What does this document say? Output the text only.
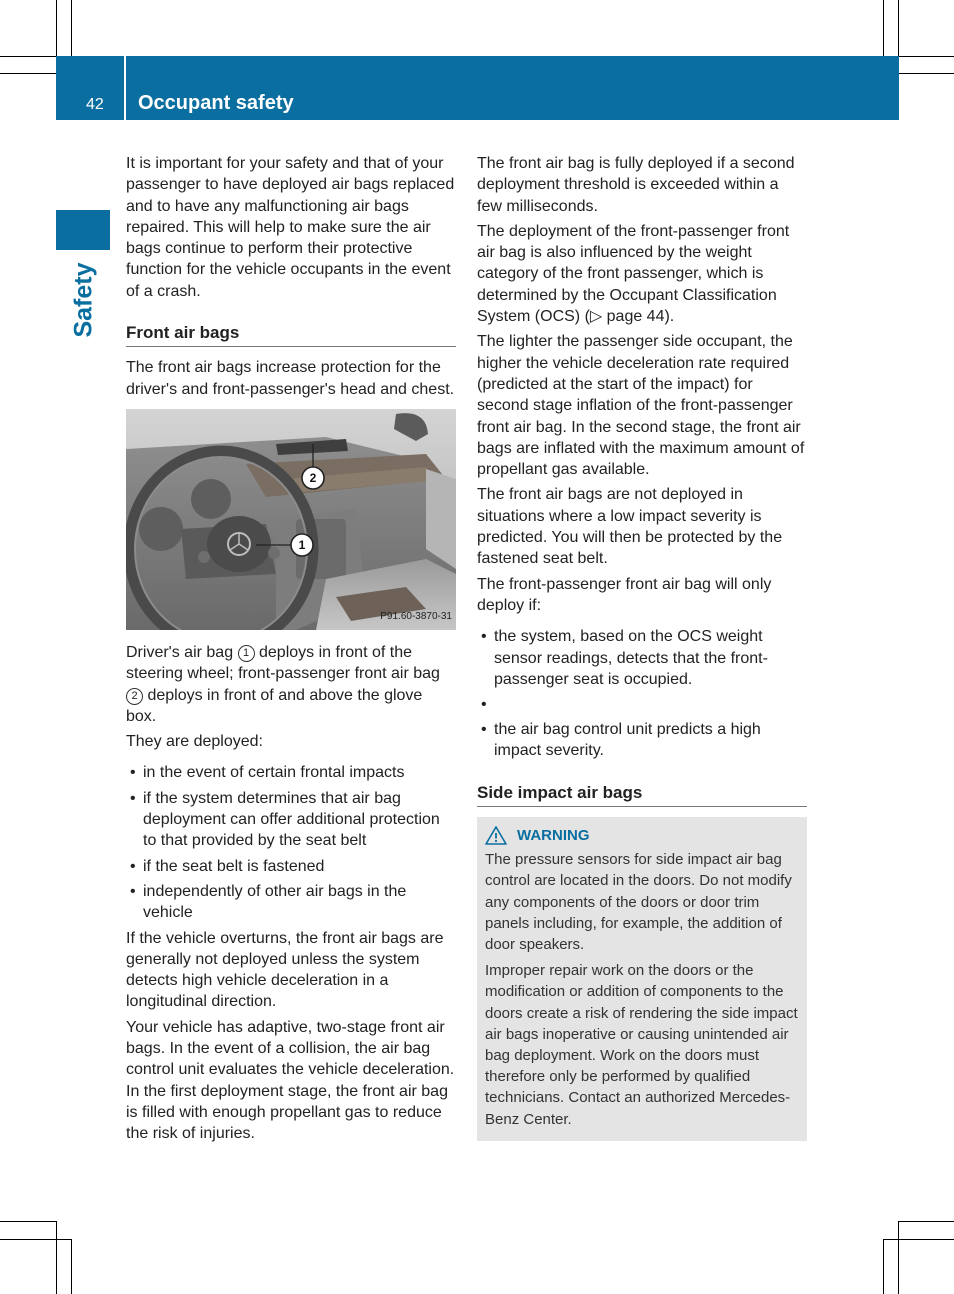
42 Occupant safety
Safety

It is important for your safety and that of your passenger to have deployed air bags replaced and to have any malfunctioning air bags repaired. This will help to make sure the air bags continue to perform their protective function for the vehicle occupants in the event of a crash.

Front air bags

The front air bags increase protection for the driver's and front-passenger's head and chest.

1
2
P91.60-3870-31

Driver's air bag 1 deploys in front of the steering wheel; front-passenger front air bag 2 deploys in front of and above the glove box.

They are deployed:

• in the event of certain frontal impacts
• if the system determines that air bag deployment can offer additional protection to that provided by the seat belt
• if the seat belt is fastened
• independently of other air bags in the vehicle

If the vehicle overturns, the front air bags are generally not deployed unless the system detects high vehicle deceleration in a longitudinal direction.

Your vehicle has adaptive, two-stage front air bags. In the event of a collision, the air bag control unit evaluates the vehicle deceleration. In the first deployment stage, the front air bag is filled with enough propellant gas to reduce the risk of injuries.

The front air bag is fully deployed if a second deployment threshold is exceeded within a few milliseconds.

The deployment of the front-passenger front air bag is also influenced by the weight category of the front passenger, which is determined by the Occupant Classification System (OCS) (▷ page 44).

The lighter the passenger side occupant, the higher the vehicle deceleration rate required (predicted at the start of the impact) for second stage inflation of the front-passenger front air bag. In the second stage, the front air bags are inflated with the maximum amount of propellant gas available.

The front air bags are not deployed in situations where a low impact severity is predicted. You will then be protected by the fastened seat belt.

The front-passenger front air bag will only deploy if:

• the system, based on the OCS weight sensor readings, detects that the front-passenger seat is occupied.
•
• the air bag control unit predicts a high impact severity.
Side impact air bags
WARNING

The pressure sensors for side impact air bag control are located in the doors. Do not modify any components of the doors or door trim panels including, for example, the addition of door speakers.

Improper repair work on the doors or the modification or addition of components to the doors create a risk of rendering the side impact air bags inoperative or causing unintended air bag deployment. Work on the doors must therefore only be performed by qualified technicians. Contact an authorized Mercedes-Benz Center.
